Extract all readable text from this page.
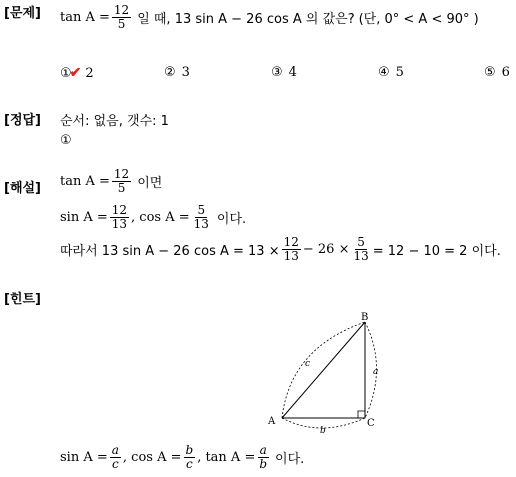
[문제] $\tan A = \frac{12}{5}$ 일 때, 13 sin A − 26 cos A 의 값은? (단, 0° < A < 90° )
①✔ 2	② 3	③ 4	④ 5	⑤ 6
[정답] 순서: 없음, 갯수: 1
①
[해설] $\tan A = \frac{12}{5}$ 이면
$\sin A = \frac{12}{13}$ , $\cos A = \frac{5}{13}$ 이다.
따라서 13 sin A − 26 $\cos A = 13 \times \frac{12}{13} - 26 \times \frac{5}{13} = 12 - 10 = 2$ 이다.
[힌트]
A
B
C
a
b
c
$\sin A = \frac{a}{c}$ , $\cos A = \frac{b}{c}$ , $\tan A = \frac{a}{b}$ 이다.
